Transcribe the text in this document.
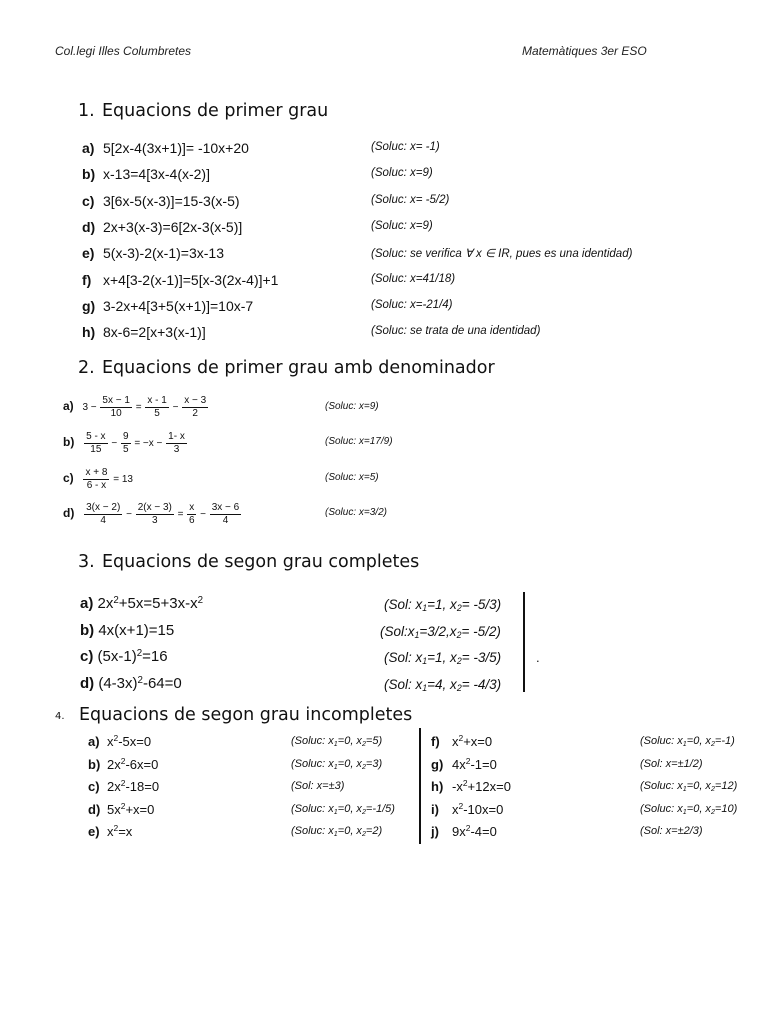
Col.legi Illes Columbretes	Matemàtiques 3er ESO
1. Equacions de primer grau
a) 5[2x-4(3x+1)]= -10x+20	(Soluc: x= -1)
b) x-13=4[3x-4(x-2)]	(Soluc: x=9)
c) 3[6x-5(x-3)]=15-3(x-5)	(Soluc: x= -5/2)
d) 2x+3(x-3)=6[2x-3(x-5)]	(Soluc: x=9)
e) 5(x-3)-2(x-1)=3x-13	(Soluc: se verifica ∀ x ∈ IR, pues es una identidad)
f) x+4[3-2(x-1)]=5[x-3(2x-4)]+1	(Soluc: x=41/18)
g) 3-2x+4[3+5(x+1)]=10x-7	(Soluc: x=-21/4)
h) 8x-6=2[x+3(x-1)]	(Soluc: se trata de una identidad)
2. Equacions de primer grau amb denominador
a) $3 - \frac{5x - 1}{10} = \frac{x - 1}{5} - \frac{x - 3}{2}$	(Soluc: x=9)
$b) \frac{5 - x}{15} - \frac{9}{5} = -x - \frac{1- x}{3}$	(Soluc: x=17/9)
$c) \frac{x + 8}{6 - x} = 13$	(Soluc: x=5)
$d) \frac{3(x - 2)}{4} - \frac{2(x - 3)}{3} = \frac{x}{6} - \frac{3x - 6}{4}$	(Soluc: x=3/2)
3. Equacions de segon grau completes
a) $2x^2+5x=5+3x-x^2$	(Sol: $x_1=1$, $x_2= -5/3$)
b) 4x(x+1)=15	$(Sol:x_1=3/2,x_2= -5/2)$
c) $(5x-1)^2=16$	(Sol: $x_1=1$, $x_2= -3/5$)	.
d) $(4-3x)^2-64=0$	(Sol: $x_1=4$, $x_2= -4/3$)
4. Equacions de segon grau incompletes
a) $x^2-5x=0$	(Soluc: $x_1=0$, $x_2=5$)
b) $2x^2-6x=0$	(Soluc: $x_1=0$, $x_2=3$)
c) $2x^2-18=0$	(Sol: x=±3)
d) $5x^2+x=0$	(Soluc: $x_1=0$, $x_2=-1/5$)
e) $x^2=x$	(Soluc: $x_1=0$, $x_2=2$)
f) $x^2+x=0$	(Soluc: $x_1=0$, $x_2=-1$)
g) $4x^2-1=0$	(Sol: x=±1/2)
h) $-x^2+12x=0$	(Soluc: $x_1=0$, $x_2=12$)
i) $x^2-10x=0$	(Soluc: $x_1=0$, $x_2=10$)
j) $9x^2-4=0$	(Sol: x=±2/3)
